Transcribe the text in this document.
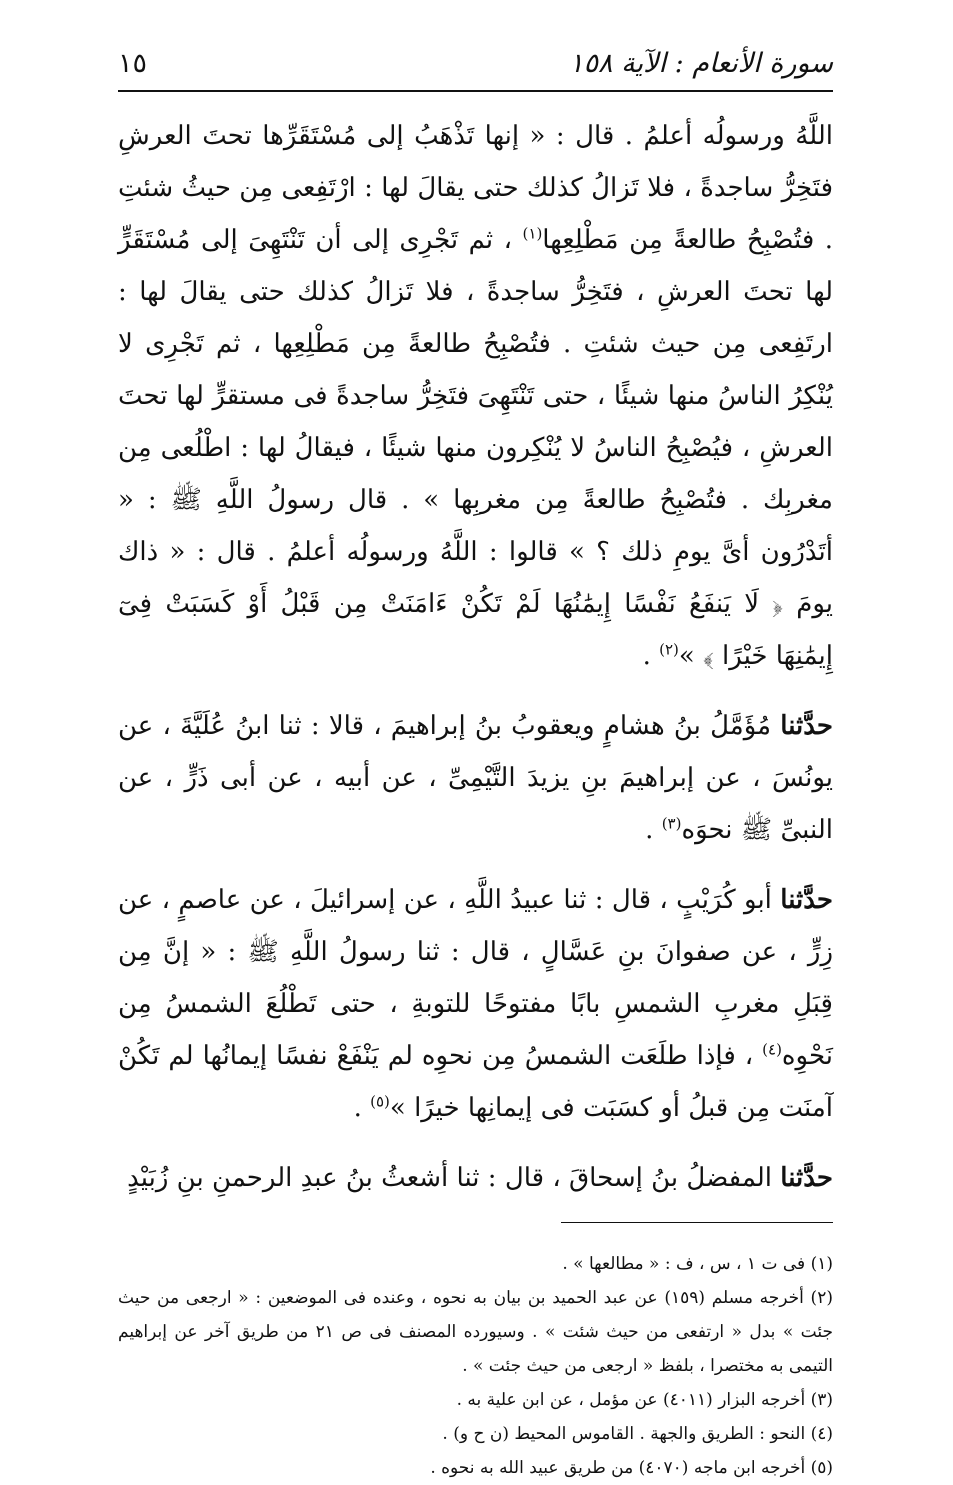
سورة الأنعام : الآية ١٥٨
١٥

اللَّهُ ورسولُه أعلمُ . قال : « إنها تَذْهَبُ إلى مُسْتَقَرِّها تحتَ العرشِ فتَخِرُّ ساجدةً ، فلا تَزالُ كذلك حتى يقالَ لها : ارْتَفِعى مِن حيثُ شئتِ . فتُصْبِحُ طالعةً مِن مَطْلِعِها$^{(١)}$ ، ثم تَجْرِى إلى أن تَنْتَهِىَ إلى مُسْتَقَرٍّ لها تحتَ العرشِ ، فتَخِرُّ ساجدةً ، فلا تَزالُ كذلك حتى يقالَ لها : ارتَفِعى مِن حيث شئتِ . فتُصْبِحُ طالعةً مِن مَطْلِعِها ، ثم تَجْرِى لا يُنْكِرُ الناسُ منها شيئًا ، حتى تَنْتَهِىَ فتَخِرُّ ساجدةً فى مستقرٍّ لها تحتَ العرشِ ، فيُصْبِحُ الناسُ لا يُنْكِرون منها شيئًا ، فيقالُ لها : اطْلُعى مِن مغربِك . فتُصْبِحُ طالعةً مِن مغربِها » . قال رسولُ اللَّهِ ﷺ : « أتَدْرُون أىَّ يومِ ذلك ؟ » قالوا : اللَّهُ ورسولُه أعلمُ . قال : « ذاك يومَ ﴿ لَا يَنفَعُ نَفْسًا إِيمَٰنُهَا لَمْ تَكُنْ ءَامَنَتْ مِن قَبْلُ أَوْ كَسَبَتْ فِىٓ إِيمَٰنِهَا خَيْرًا ﴾ »$^{(٢)}$ .

حدَّثنا مُؤَمَّلُ بنُ هشامٍ ويعقوبُ بنُ إبراهيمَ ، قالا : ثنا ابنُ عُلَيَّةَ ، عن يونُسَ ، عن إبراهيمَ بنِ يزيدَ التَّيْمِىِّ ، عن أبيه ، عن أبى ذَرٍّ ، عن النبىِّ ﷺ نحوَه$^{(٣)}$ .

حدَّثنا أبو كُرَيْبٍ ، قال : ثنا عبيدُ اللَّهِ ، عن إسرائيلَ ، عن عاصمٍ ، عن زِرٍّ ، عن صفوانَ بنِ عَسَّالٍ ، قال : ثنا رسولُ اللَّهِ ﷺ : « إنَّ مِن قِبَلِ مغربِ الشمسِ بابًا مفتوحًا للتوبةِ ، حتى تَطْلُعَ الشمسُ مِن نَحْوِه$^{(٤)}$ ، فإذا طلَعَت الشمسُ مِن نحوِه لم يَنْفَعْ نفسًا إيمانُها لم تَكُنْ آمنَت مِن قبلُ أو كسَبَت فى إيمانِها خيرًا »$^{(٥)}$ .

حدَّثنا المفضلُ بنُ إسحاقَ ، قال : ثنا أشعثُ بنُ عبدِ الرحمنِ بنِ زُبَيْدٍ

(١) فى ت ١ ، س ، ف : « مطالعها » .

(٢) أخرجه مسلم (١٥٩) عن عبد الحميد بن بيان به نحوه ، وعنده فى الموضعين : « ارجعى من حيث جئت » بدل « ارتفعى من حيث شئت » . وسيورده المصنف فى ص ٢١ من طريق آخر عن إبراهيم التيمى به مختصرا ، بلفظ « ارجعى من حيث جئت » .

(٣) أخرجه البزار (٤٠١١) عن مؤمل ، عن ابن علية به .

(٤) النحو : الطريق والجهة . القاموس المحيط (ن ح و) .

(٥) أخرجه ابن ماجه (٤٠٧٠) من طريق عبيد الله به نحوه .
